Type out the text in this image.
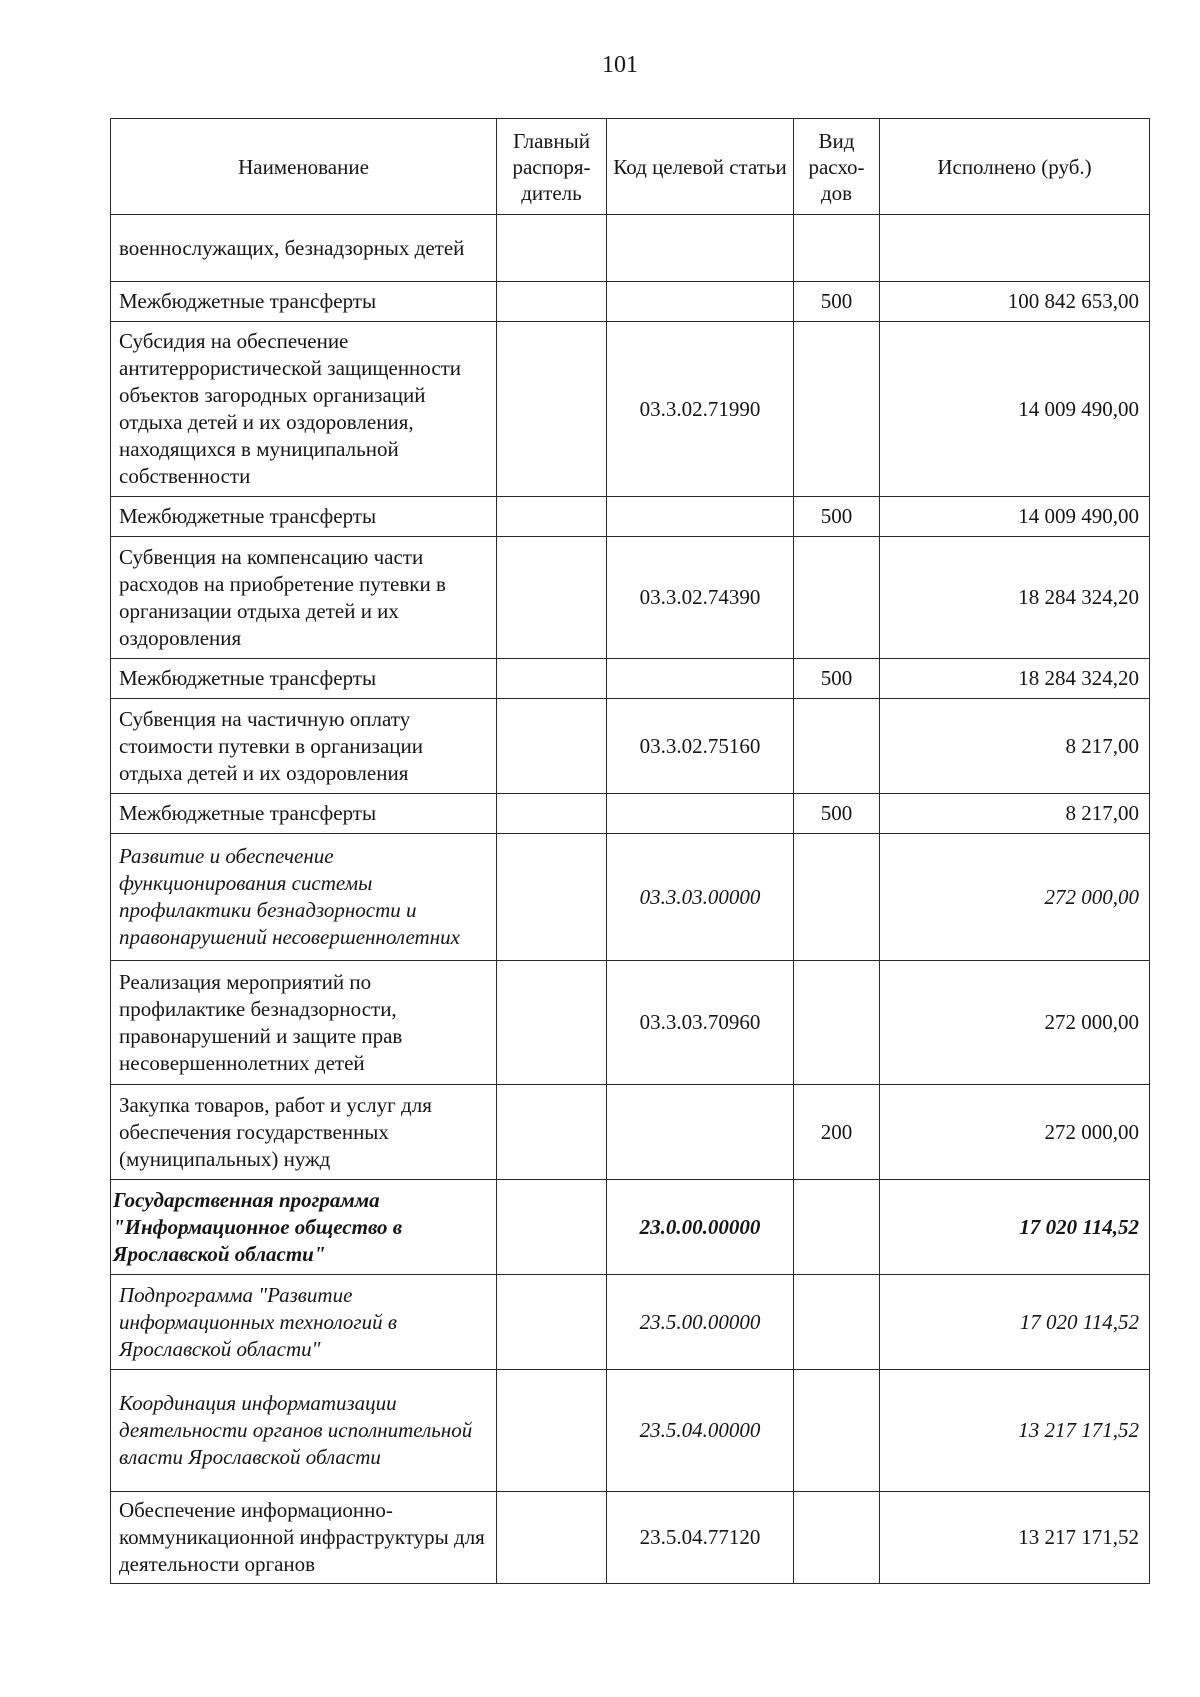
101
Наименование	Главный распоря-дитель	Код целевой статьи	Вид расхо-дов	Исполнено (руб.)
военнослужащих, безнадзорных детей				
Межбюджетные трансферты			500	100 842 653,00
Субсидия на обеспечение антитеррористической защищенности объектов загородных организаций отдыха детей и их оздоровления, находящихся в муниципальной собственности		03.3.02.71990		14 009 490,00
Межбюджетные трансферты			500	14 009 490,00
Субвенция на компенсацию части расходов на приобретение путевки в организации отдыха детей и их оздоровления		03.3.02.74390		18 284 324,20
Межбюджетные трансферты			500	18 284 324,20
Субвенция на частичную оплату стоимости путевки в организации отдыха детей и их оздоровления		03.3.02.75160		8 217,00
Межбюджетные трансферты			500	8 217,00
Развитие и обеспечение функционирования системы профилактики безнадзорности и правонарушений несовершеннолетних		03.3.03.00000		272 000,00
Реализация мероприятий по профилактике безнадзорности, правонарушений и защите прав несовершеннолетних детей		03.3.03.70960		272 000,00
Закупка товаров, работ и услуг для обеспечения государственных (муниципальных) нужд			200	272 000,00
Государственная программа "Информационное общество в Ярославской области"		23.0.00.00000		17 020 114,52
Подпрограмма "Развитие информационных технологий в Ярославской области"		23.5.00.00000		17 020 114,52
Координация информатизации деятельности органов исполнительной власти Ярославской области		23.5.04.00000		13 217 171,52
Обеспечение информационно-коммуникационной инфраструктуры для деятельности органов		23.5.04.77120		13 217 171,52
